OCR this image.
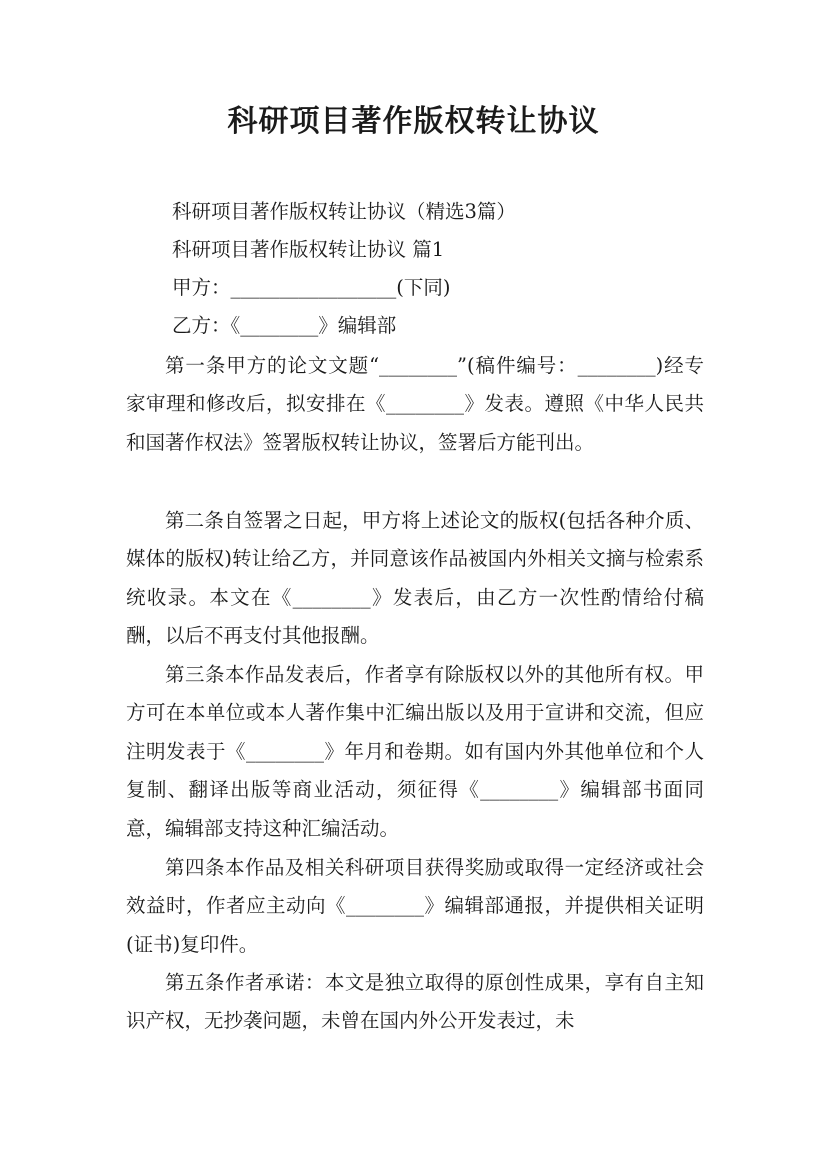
科研项目著作版权转让协议
科研项目著作版权转让协议（精选3篇）
科研项目著作版权转让协议 篇1
甲方：_________________(下同)
乙方：《________》编辑部

第一条甲方的论文文题“________”(稿件编号：________)经专家审理和修改后，拟安排在《________》发表。遵照《中华人民共和国著作权法》签署版权转让协议，签署后方能刊出。

第二条自签署之日起，甲方将上述论文的版权(包括各种介质、媒体的版权)转让给乙方，并同意该作品被国内外相关文摘与检索系统收录。本文在《________》发表后，由乙方一次性酌情给付稿酬，以后不再支付其他报酬。

第三条本作品发表后，作者享有除版权以外的其他所有权。甲方可在本单位或本人著作集中汇编出版以及用于宣讲和交流，但应注明发表于《________》年月和卷期。如有国内外其他单位和个人复制、翻译出版等商业活动，须征得《________》编辑部书面同意，编辑部支持这种汇编活动。

第四条本作品及相关科研项目获得奖励或取得一定经济或社会效益时，作者应主动向《________》编辑部通报，并提供相关证明(证书)复印件。

第五条作者承诺：本文是独立取得的原创性成果，享有自主知识产权，无抄袭问题，未曾在国内外公开发表过，未
